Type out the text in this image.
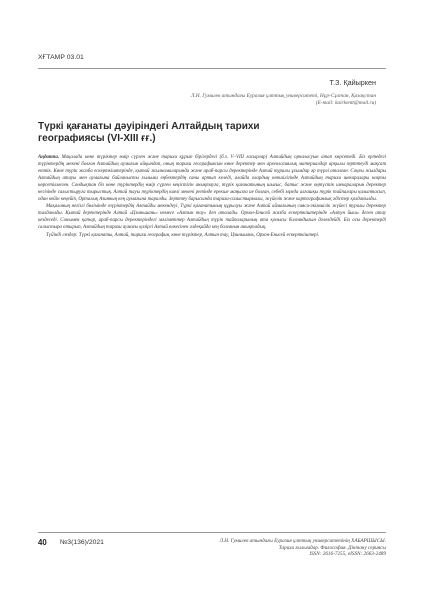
ХҒТАМР 03.01
Т.З. Қайыркен
Л.Н. Гумилев атындағы Еуразия ұлттық университеті, Нұр-Сұлтан, Қазақстан
(E-mail: kairkentt@mail.ru)
Түркі қағанаты дәуіріндегі Алтайдың тарихи
географиясы (VI-XIII ғғ.)

Аңдатпа. Мақалада көне түріктер өмір сүрген және тарихи құрып бірігердегі (б.з. V–VIII ғасырлар) Алтайдың орналасуын атап көрсетеді. Біз ертедегі түріктердің мекені болған Алтайдың аумағын айқындап, оның тарихи географиясын көне деректер мен археологиялық материалдар арқылы зерттеуді мақсат еттік. Көне түрік жазба ескерткіштерінде, қытай жылнамаларында және араб-парсы деректерінде Алтай туралы ұғымдар әр түрлі аталған. Соңғы жылдары Алтайдың атауы мен аумағына байланысты ғылыми еңбектердің саны артып келеді, алайда олардың көпшілігінде Алтайдың тарихи шекаралары нақты көрсетілмеген. Сондықтан біз көне түріктердің өмір сүрген кеңістігін анықтауға, түрік қағанатының шығыс, батыс және оңтүстік шекараларын деректер негізінде салыстыруға тырыстық. Алтай тауы түріктердің киелі мекені ретінде ерекше маңызға ие болған, себебі мұнда алғашқы түрік тайпалары қалыптасып, одан кейін кеңейіп, Орталық Азияның кең аумағына таралды. Зерттеу барысында тарихи-салыстырмалы, жүйелік және картографиялық әдістер қолданылды.

Мақаланың негізгі бөлімінде түріктердің Алтайды мекендеуі, Түркі қағанатының құрылуы және Алтай аймағының саяси-әкімшілік жүйесі туралы деректер талданады. Қытай деректерінде Алтай «Цзиньшань» немесе «Алтын тау» деп аталады. Орхон-Енисей жазба ескерткіштерінде «Алтун йыш» деген атау кездеседі. Сонымен қатар, араб-парсы деректеріндегі мәліметтер Алтайдың түрік тайпаларының ата қонысы болғандығын дәлелдейді. Біз осы деректерді салыстыра отырып, Алтайдың тарихи аумағы қазіргі Алтай өлкесінен әлдеқайда кең болғанын анықтадық.

Түйінді сөздер: Түркі қағанаты, Алтай, тарихи география, көне түріктер, Алтын тау, Цзиньшань, Орхон-Енисей ескерткіштері.

40 №3(136)/2021	Л.Н. Гумилев атындағы Еуразия ұлттық университетінің ХАБАРШЫСЫ.
Тарихи ғылымдар. Философия. Дінтану сериясы
ISSN: 2616-7255, eISSN: 2663-2489
